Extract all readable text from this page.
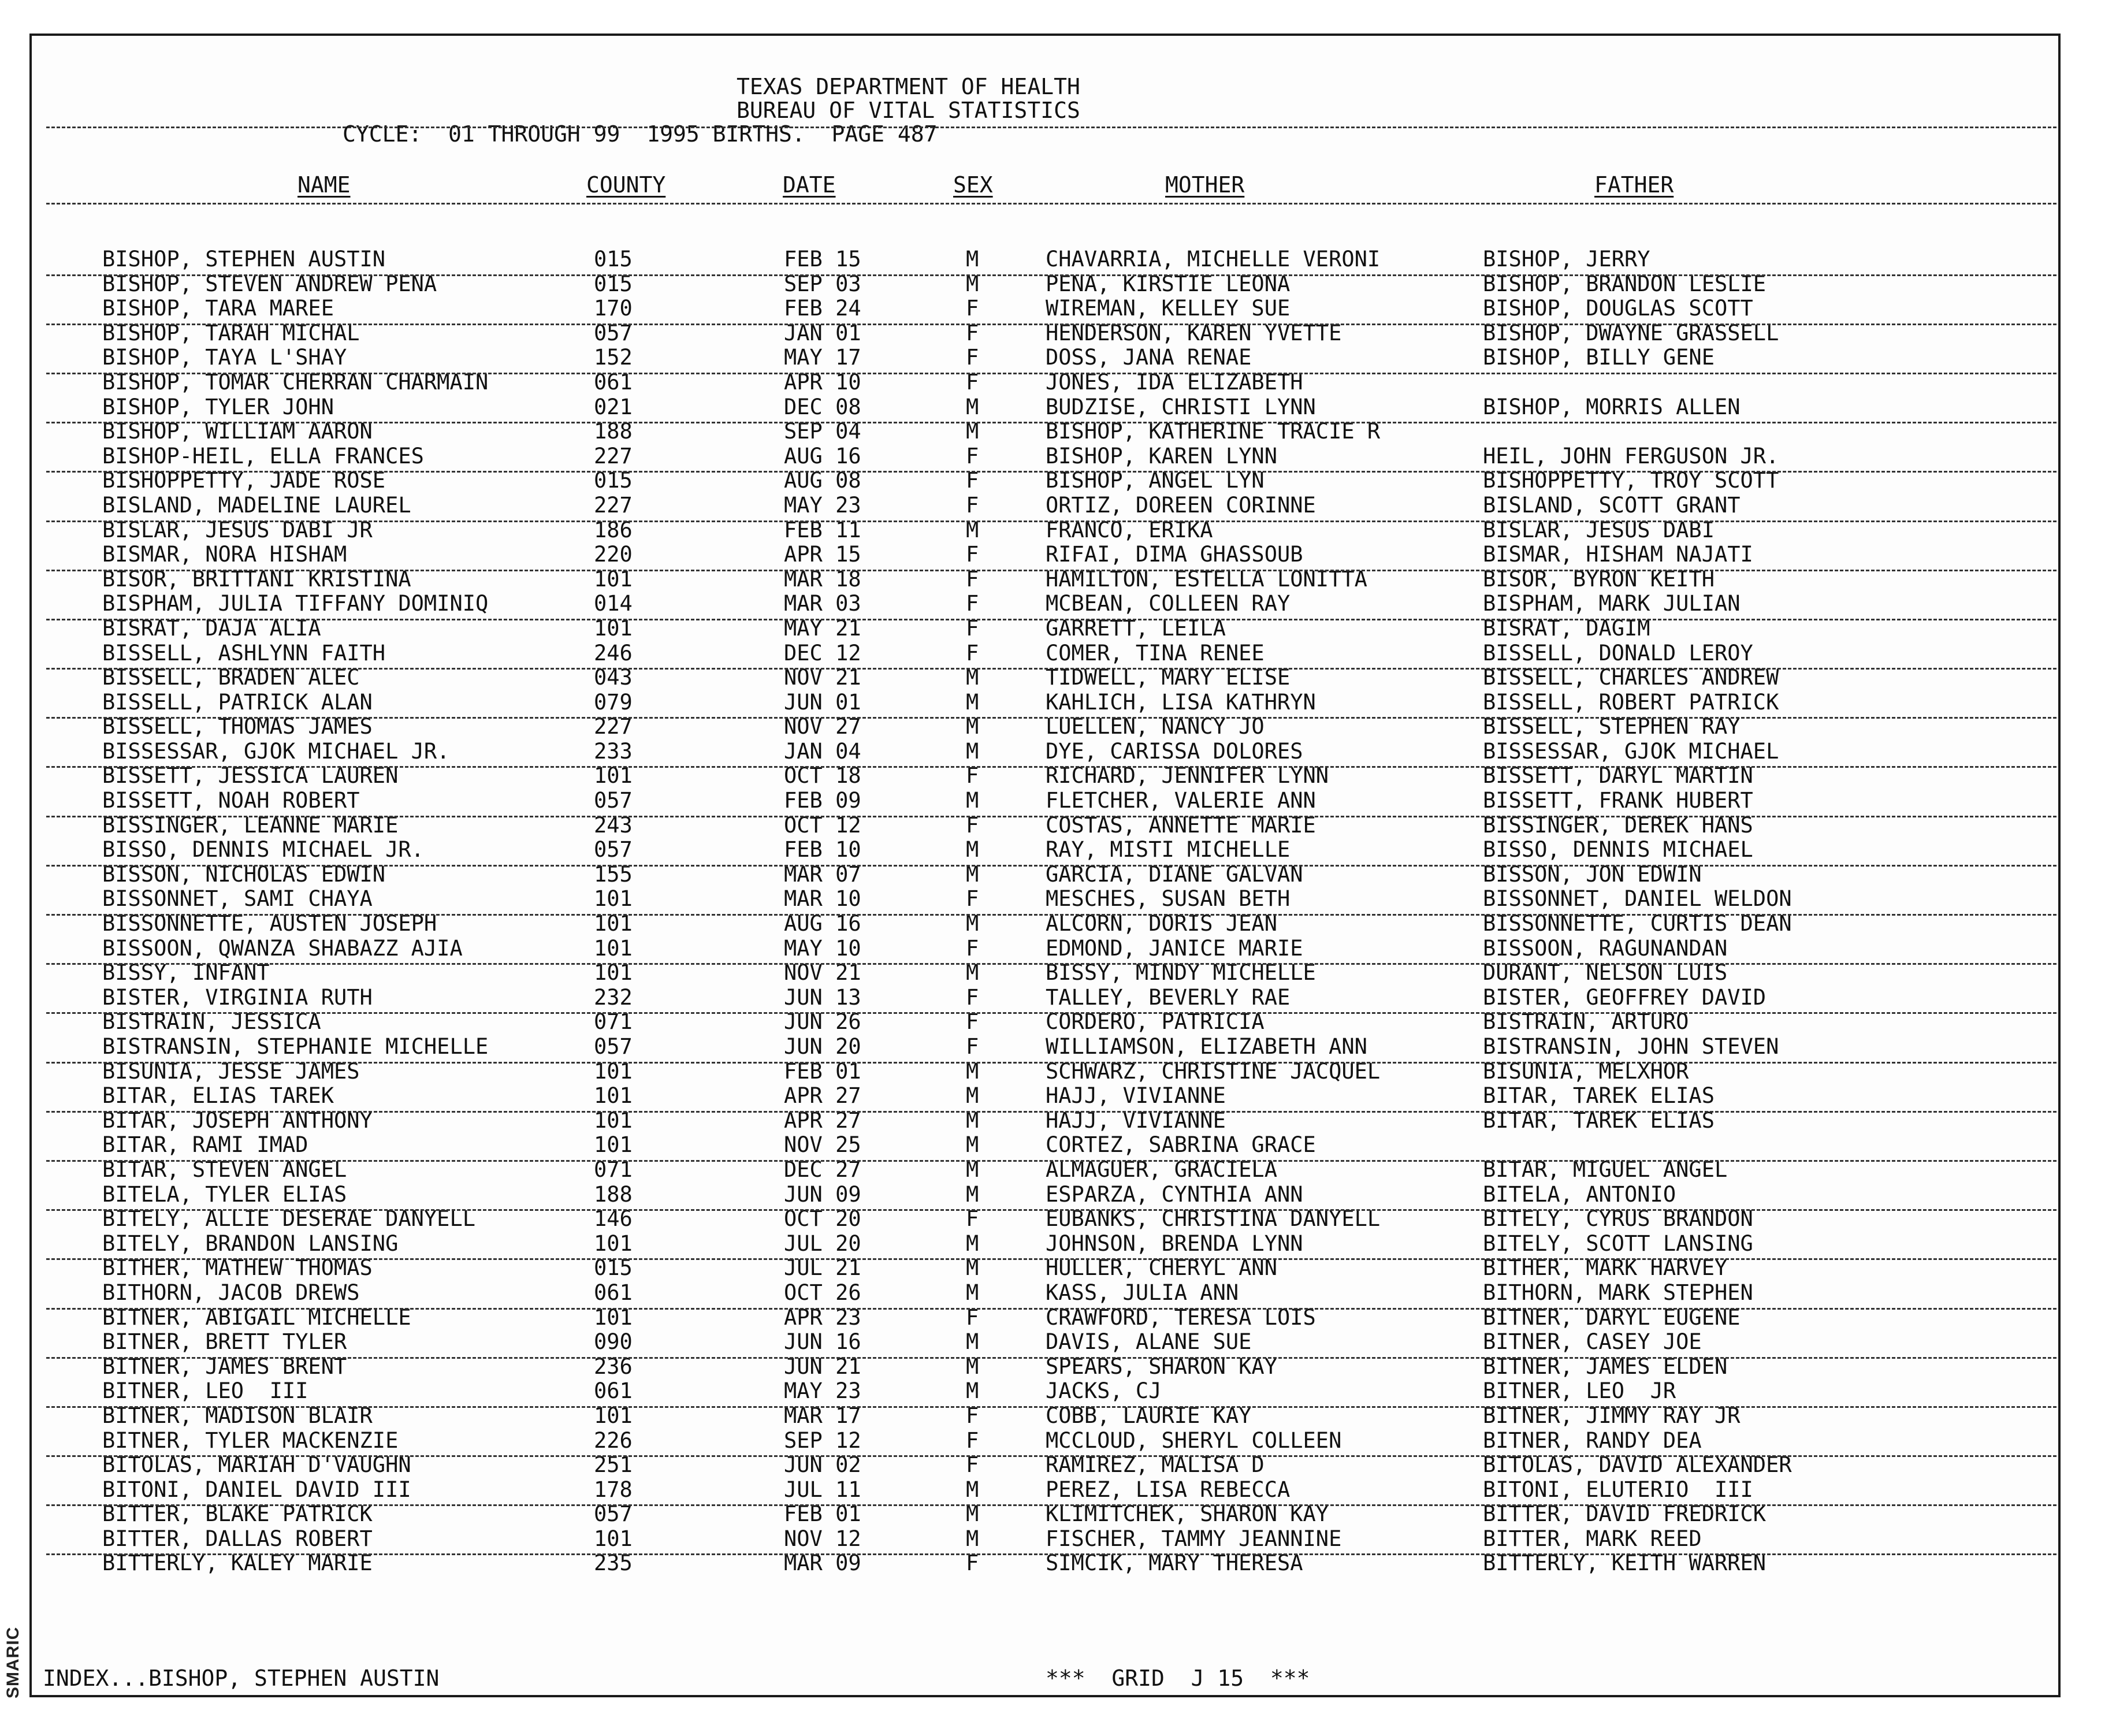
TEXAS DEPARTMENT OF HEALTH
BUREAU OF VITAL STATISTICS
CYCLE:  01 THROUGH 99  1995 BIRTHS.  PAGE 487
NAME	COUNTY	DATE	SEX	MOTHER	FATHER
BISHOP, STEPHEN AUSTIN	015	FEB 15	M	CHAVARRIA, MICHELLE VERONI	BISHOP, JERRY
BISHOP, STEVEN ANDREW PENA	015	SEP 03	M	PENA, KIRSTIE LEONA	BISHOP, BRANDON LESLIE
BISHOP, TARA MAREE	170	FEB 24	F	WIREMAN, KELLEY SUE	BISHOP, DOUGLAS SCOTT
BISHOP, TARAH MICHAL	057	JAN 01	F	HENDERSON, KAREN YVETTE	BISHOP, DWAYNE GRASSELL
BISHOP, TAYA L'SHAY	152	MAY 17	F	DOSS, JANA RENAE	BISHOP, BILLY GENE
BISHOP, TOMAR CHERRAN CHARMAIN	061	APR 10	F	JONES, IDA ELIZABETH
BISHOP, TYLER JOHN	021	DEC 08	M	BUDZISE, CHRISTI LYNN	BISHOP, MORRIS ALLEN
BISHOP, WILLIAM AARON	188	SEP 04	M	BISHOP, KATHERINE TRACIE R
BISHOP-HEIL, ELLA FRANCES	227	AUG 16	F	BISHOP, KAREN LYNN	HEIL, JOHN FERGUSON JR.
BISHOPPETTY, JADE ROSE	015	AUG 08	F	BISHOP, ANGEL LYN	BISHOPPETTY, TROY SCOTT
BISLAND, MADELINE LAUREL	227	MAY 23	F	ORTIZ, DOREEN CORINNE	BISLAND, SCOTT GRANT
BISLAR, JESUS DABI JR	186	FEB 11	M	FRANCO, ERIKA	BISLAR, JESUS DABI
BISMAR, NORA HISHAM	220	APR 15	F	RIFAI, DIMA GHASSOUB	BISMAR, HISHAM NAJATI
BISOR, BRITTANI KRISTINA	101	MAR 18	F	HAMILTON, ESTELLA LONITTA	BISOR, BYRON KEITH
BISPHAM, JULIA TIFFANY DOMINIQ	014	MAR 03	F	MCBEAN, COLLEEN RAY	BISPHAM, MARK JULIAN
BISRAT, DAJA ALIA	101	MAY 21	F	GARRETT, LEILA	BISRAT, DAGIM
BISSELL, ASHLYNN FAITH	246	DEC 12	F	COMER, TINA RENEE	BISSELL, DONALD LEROY
BISSELL, BRADEN ALEC	043	NOV 21	M	TIDWELL, MARY ELISE	BISSELL, CHARLES ANDREW
BISSELL, PATRICK ALAN	079	JUN 01	M	KAHLICH, LISA KATHRYN	BISSELL, ROBERT PATRICK
BISSELL, THOMAS JAMES	227	NOV 27	M	LUELLEN, NANCY JO	BISSELL, STEPHEN RAY
BISSESSAR, GJOK MICHAEL JR.	233	JAN 04	M	DYE, CARISSA DOLORES	BISSESSAR, GJOK MICHAEL
BISSETT, JESSICA LAUREN	101	OCT 18	F	RICHARD, JENNIFER LYNN	BISSETT, DARYL MARTIN
BISSETT, NOAH ROBERT	057	FEB 09	M	FLETCHER, VALERIE ANN	BISSETT, FRANK HUBERT
BISSINGER, LEANNE MARIE	243	OCT 12	F	COSTAS, ANNETTE MARIE	BISSINGER, DEREK HANS
BISSO, DENNIS MICHAEL JR.	057	FEB 10	M	RAY, MISTI MICHELLE	BISSO, DENNIS MICHAEL
BISSON, NICHOLAS EDWIN	155	MAR 07	M	GARCIA, DIANE GALVAN	BISSON, JON EDWIN
BISSONNET, SAMI CHAYA	101	MAR 10	F	MESCHES, SUSAN BETH	BISSONNET, DANIEL WELDON
BISSONNETTE, AUSTEN JOSEPH	101	AUG 16	M	ALCORN, DORIS JEAN	BISSONNETTE, CURTIS DEAN
BISSOON, QWANZA SHABAZZ AJIA	101	MAY 10	F	EDMOND, JANICE MARIE	BISSOON, RAGUNANDAN
BISSY, INFANT	101	NOV 21	M	BISSY, MINDY MICHELLE	DURANT, NELSON LUIS
BISTER, VIRGINIA RUTH	232	JUN 13	F	TALLEY, BEVERLY RAE	BISTER, GEOFFREY DAVID
BISTRAIN, JESSICA	071	JUN 26	F	CORDERO, PATRICIA	BISTRAIN, ARTURO
BISTRANSIN, STEPHANIE MICHELLE	057	JUN 20	F	WILLIAMSON, ELIZABETH ANN	BISTRANSIN, JOHN STEVEN
BISUNIA, JESSE JAMES	101	FEB 01	M	SCHWARZ, CHRISTINE JACQUEL	BISUNIA, MELXHOR
BITAR, ELIAS TAREK	101	APR 27	M	HAJJ, VIVIANNE	BITAR, TAREK ELIAS
BITAR, JOSEPH ANTHONY	101	APR 27	M	HAJJ, VIVIANNE	BITAR, TAREK ELIAS
BITAR, RAMI IMAD	101	NOV 25	M	CORTEZ, SABRINA GRACE
BITAR, STEVEN ANGEL	071	DEC 27	M	ALMAGUER, GRACIELA	BITAR, MIGUEL ANGEL
BITELA, TYLER ELIAS	188	JUN 09	M	ESPARZA, CYNTHIA ANN	BITELA, ANTONIO
BITELY, ALLIE DESERAE DANYELL	146	OCT 20	F	EUBANKS, CHRISTINA DANYELL	BITELY, CYRUS BRANDON
BITELY, BRANDON LANSING	101	JUL 20	M	JOHNSON, BRENDA LYNN	BITELY, SCOTT LANSING
BITHER, MATHEW THOMAS	015	JUL 21	M	HULLER, CHERYL ANN	BITHER, MARK HARVEY
BITHORN, JACOB DREWS	061	OCT 26	M	KASS, JULIA ANN	BITHORN, MARK STEPHEN
BITNER, ABIGAIL MICHELLE	101	APR 23	F	CRAWFORD, TERESA LOIS	BITNER, DARYL EUGENE
BITNER, BRETT TYLER	090	JUN 16	M	DAVIS, ALANE SUE	BITNER, CASEY JOE
BITNER, JAMES BRENT	236	JUN 21	M	SPEARS, SHARON KAY	BITNER, JAMES ELDEN
BITNER, LEO  III	061	MAY 23	M	JACKS, CJ	BITNER, LEO  JR
BITNER, MADISON BLAIR	101	MAR 17	F	COBB, LAURIE KAY	BITNER, JIMMY RAY JR
BITNER, TYLER MACKENZIE	226	SEP 12	F	MCCLOUD, SHERYL COLLEEN	BITNER, RANDY DEA
BITOLAS, MARIAH D'VAUGHN	251	JUN 02	F	RAMIREZ, MALISA D	BITOLAS, DAVID ALEXANDER
BITONI, DANIEL DAVID III	178	JUL 11	M	PEREZ, LISA REBECCA	BITONI, ELUTERIO  III
BITTER, BLAKE PATRICK	057	FEB 01	M	KLIMITCHEK, SHARON KAY	BITTER, DAVID FREDRICK
BITTER, DALLAS ROBERT	101	NOV 12	M	FISCHER, TAMMY JEANNINE	BITTER, MARK REED
BITTERLY, KALEY MARIE	235	MAR 09	F	SIMCIK, MARY THERESA	BITTERLY, KEITH WARREN
INDEX...BISHOP, STEPHEN AUSTIN	***  GRID  J 15  ***
SMARIC
